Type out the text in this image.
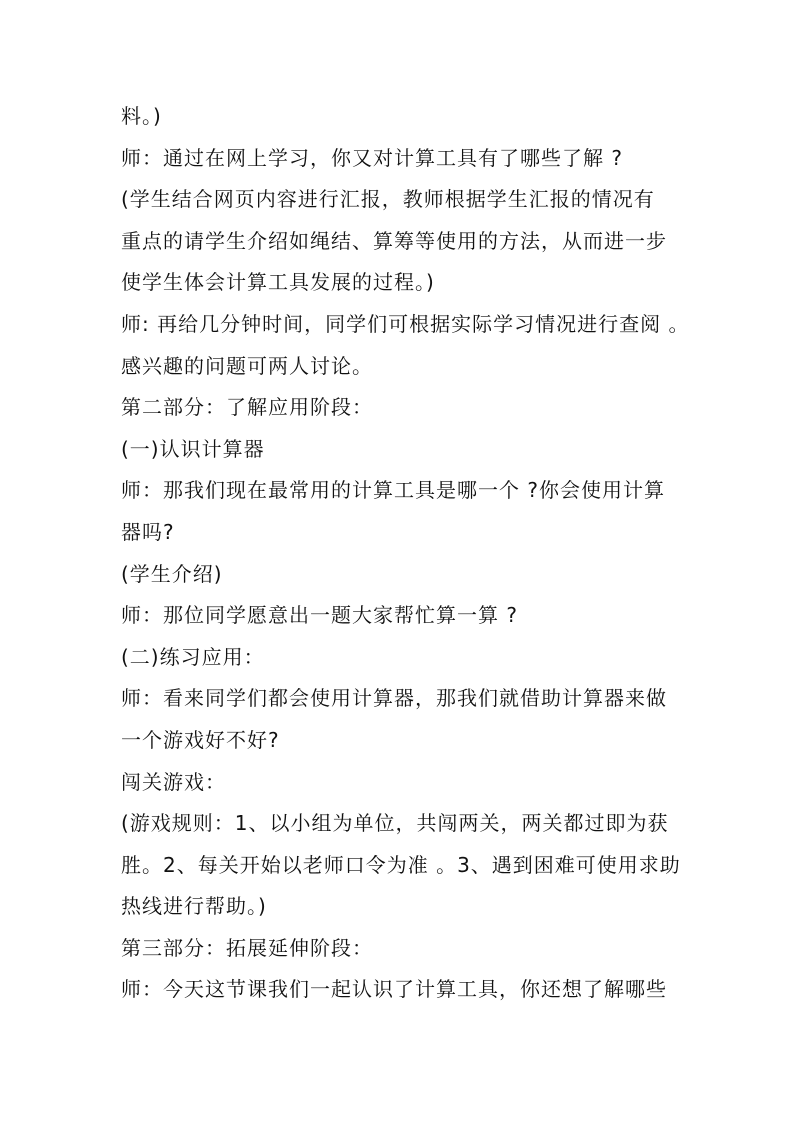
料。)
师：通过在网上学习，你又对计算工具有了哪些了解 ?
(学生结合网页内容进行汇报，教师根据学生汇报的情况有
重点的请学生介绍如绳结、算筹等使用的方法，从而进一步
使学生体会计算工具发展的过程。)
师: 再给几分钟时间，同学们可根据实际学习情况进行查阅 。
感兴趣的问题可两人讨论。
第二部分：了解应用阶段：
(一)认识计算器
师：那我们现在最常用的计算工具是哪一个 ?你会使用计算
器吗?
(学生介绍)
师：那位同学愿意出一题大家帮忙算一算 ?
(二)练习应用：
师：看来同学们都会使用计算器，那我们就借助计算器来做
一个游戏好不好?
闯关游戏：
(游戏规则：1、以小组为单位，共闯两关，两关都过即为获
胜。2、每关开始以老师口令为准 。3、遇到困难可使用求助
热线进行帮助。)
第三部分：拓展延伸阶段：
师：今天这节课我们一起认识了计算工具，你还想了解哪些
